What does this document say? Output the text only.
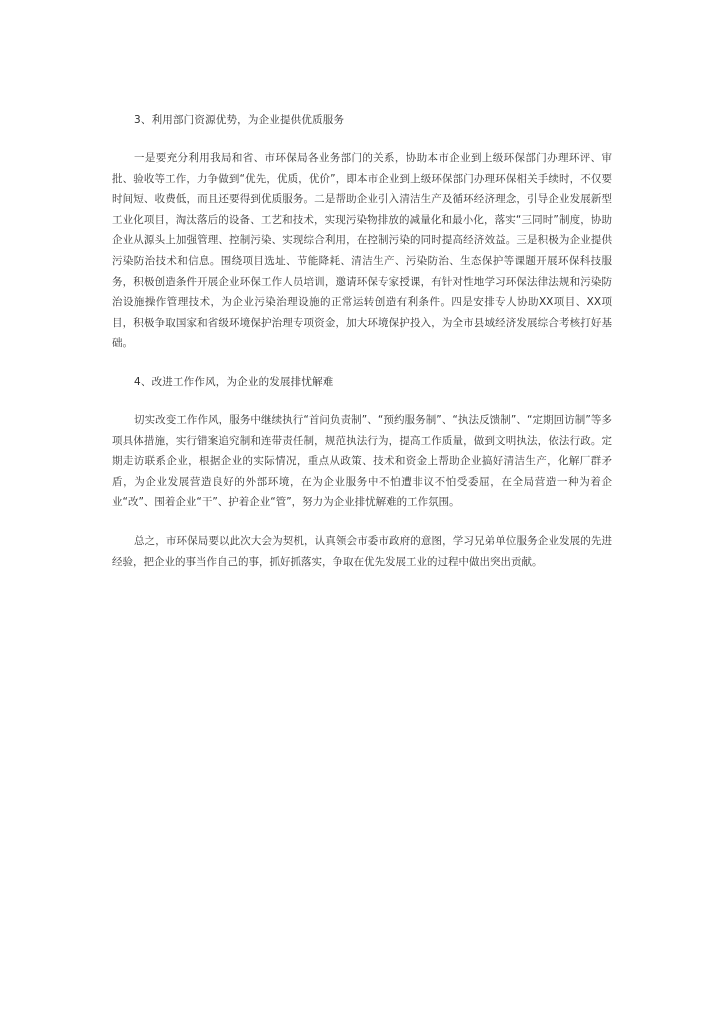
3、利用部门资源优势，为企业提供优质服务

一是要充分利用我局和省、市环保局各业务部门的关系，协助本市企业到上级环保部门办理环评、审批、验收等工作，力争做到“优先，优质，优价”，即本市企业到上级环保部门办理环保相关手续时，不仅要时间短、收费低，而且还要得到优质服务。二是帮助企业引入清洁生产及循环经济理念，引导企业发展新型工业化项目，淘汰落后的设备、工艺和技术，实现污染物排放的减量化和最小化，落实“三同时”制度，协助企业从源头上加强管理、控制污染、实现综合利用，在控制污染的同时提高经济效益。三是积极为企业提供污染防治技术和信息。围绕项目选址、节能降耗、清洁生产、污染防治、生态保护等课题开展环保科技服务，积极创造条件开展企业环保工作人员培训，邀请环保专家授课，有针对性地学习环保法律法规和污染防治设施操作管理技术，为企业污染治理设施的正常运转创造有利条件。四是安排专人协助XX项目、XX项目，积极争取国家和省级环境保护治理专项资金，加大环境保护投入，为全市县域经济发展综合考核打好基础。

4、改进工作作风，为企业的发展排忧解难

切实改变工作作风，服务中继续执行“首问负责制”、“预约服务制”、“执法反馈制”、“定期回访制”等多项具体措施，实行错案追究制和连带责任制，规范执法行为，提高工作质量，做到文明执法，依法行政。定期走访联系企业，根据企业的实际情况，重点从政策、技术和资金上帮助企业搞好清洁生产，化解厂群矛盾，为企业发展营造良好的外部环境，在为企业服务中不怕遭非议不怕受委屈，在全局营造一种为着企业“改”、围着企业“干”、护着企业“管”，努力为企业排忧解难的工作氛围。

总之，市环保局要以此次大会为契机，认真领会市委市政府的意图，学习兄弟单位服务企业发展的先进经验，把企业的事当作自己的事，抓好抓落实，争取在优先发展工业的过程中做出突出贡献。
